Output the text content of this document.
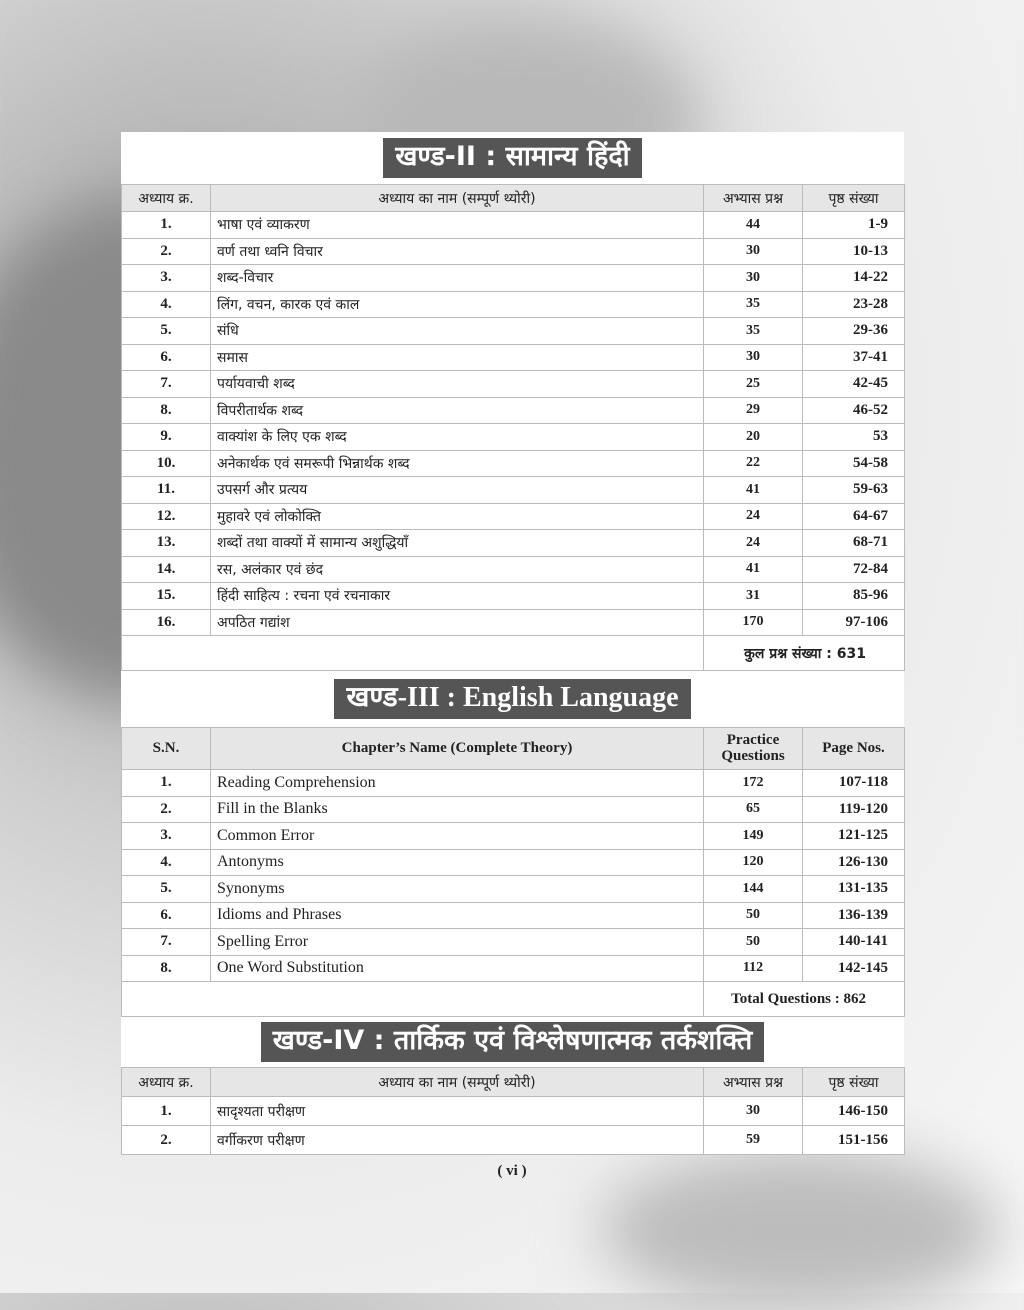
खण्ड-II : सामान्य हिंदी
अध्याय क्र.	अध्याय का नाम (सम्पूर्ण थ्योरी)	अभ्यास प्रश्न	पृष्ठ संख्या
1.	भाषा एवं व्याकरण	44	1-9
2.	वर्ण तथा ध्वनि विचार	30	10-13
3.	शब्द-विचार	30	14-22
4.	लिंग, वचन, कारक एवं काल	35	23-28
5.	संधि	35	29-36
6.	समास	30	37-41
7.	पर्यायवाची शब्द	25	42-45
8.	विपरीतार्थक शब्द	29	46-52
9.	वाक्यांश के लिए एक शब्द	20	53
10.	अनेकार्थक एवं समरूपी भिन्नार्थक शब्द	22	54-58
11.	उपसर्ग और प्रत्यय	41	59-63
12.	मुहावरे एवं लोकोक्ति	24	64-67
13.	शब्दों तथा वाक्यों में सामान्य अशुद्धियाँ	24	68-71
14.	रस, अलंकार एवं छंद	41	72-84
15.	हिंदी साहित्य : रचना एवं रचनाकार	31	85-96
16.	अपठित गद्यांश	170	97-106
		कुल प्रश्न संख्या : 631	
खण्ड-III : English Language
S.N.	Chapter’s Name (Complete Theory)	Practice Questions	Page Nos.
1.	Reading Comprehension	172	107-118
2.	Fill in the Blanks	65	119-120
3.	Common Error	149	121-125
4.	Antonyms	120	126-130
5.	Synonyms	144	131-135
6.	Idioms and Phrases	50	136-139
7.	Spelling Error	50	140-141
8.	One Word Substitution	112	142-145
		Total Questions : 862	
खण्ड-IV : तार्किक एवं विश्लेषणात्मक तर्कशक्ति
अध्याय क्र.	अध्याय का नाम (सम्पूर्ण थ्योरी)	अभ्यास प्रश्न	पृष्ठ संख्या
1.	सादृश्यता परीक्षण	30	146-150
2.	वर्गीकरण परीक्षण	59	151-156
( vi )
